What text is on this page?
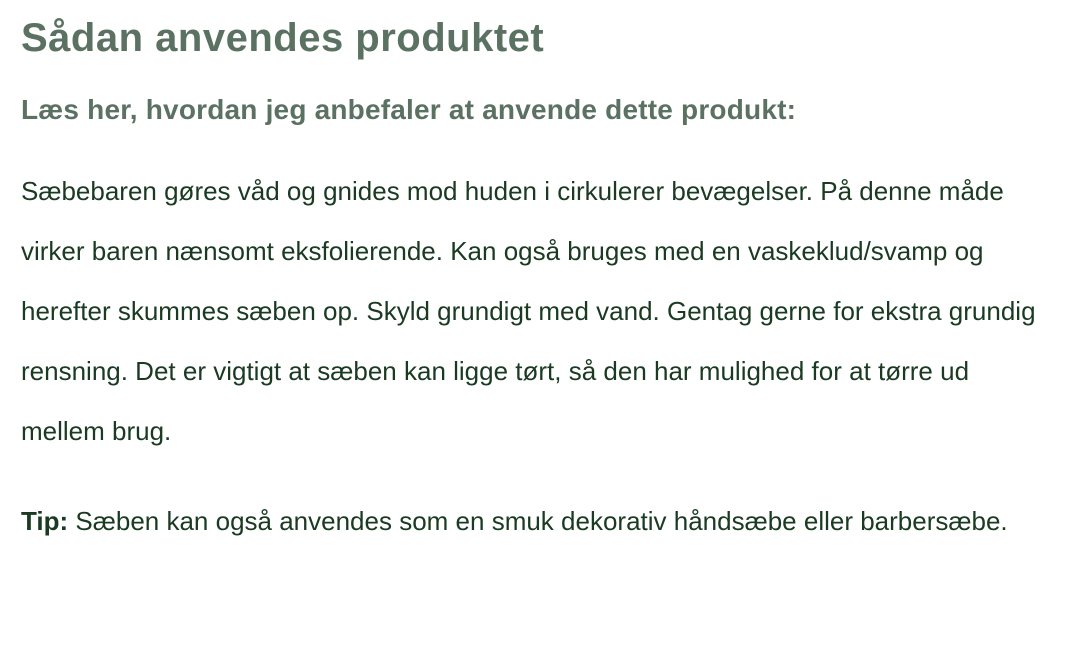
Sådan anvendes produktet
Læs her, hvordan jeg anbefaler at anvende dette produkt:

Sæbebaren gøres våd og gnides mod huden i cirkulerer bevægelser. På denne måde virker baren nænsomt eksfolierende. Kan også bruges med en vaskeklud/svamp og herefter skummes sæben op. Skyld grundigt med vand. Gentag gerne for ekstra grundig rensning. Det er vigtigt at sæben kan ligge tørt, så den har mulighed for at tørre ud mellem brug.

Tip: Sæben kan også anvendes som en smuk dekorativ håndsæbe eller barbersæbe.
